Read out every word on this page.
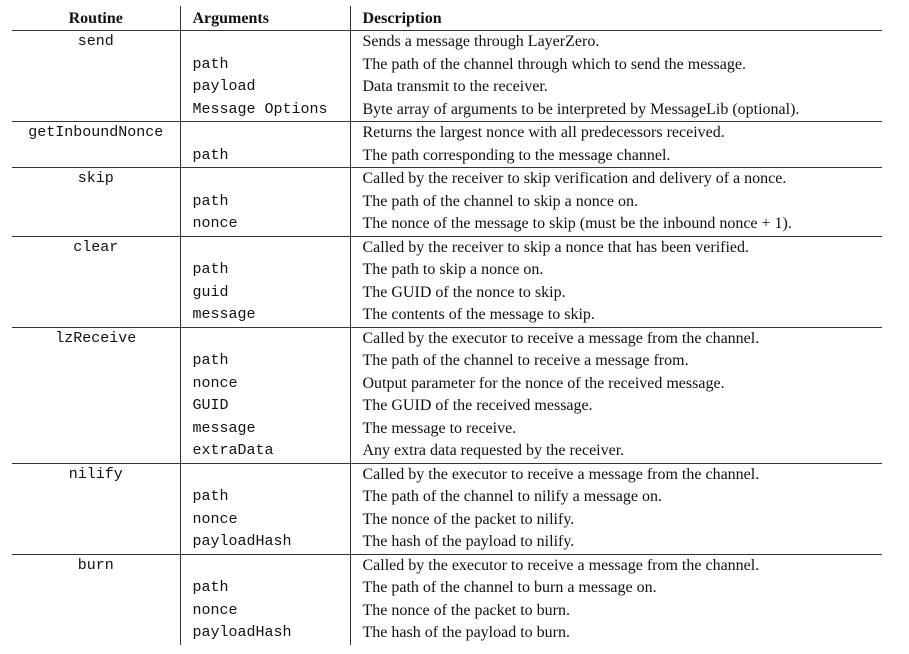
Routine	Arguments	Description
send		Sends a message through LayerZero.
	path	The path of the channel through which to send the message.
	payload	Data transmit to the receiver.
	Message Options	Byte array of arguments to be interpreted by MessageLib (optional).
getInboundNonce		Returns the largest nonce with all predecessors received.
	path	The path corresponding to the message channel.
skip		Called by the receiver to skip verification and delivery of a nonce.
	path	The path of the channel to skip a nonce on.
	nonce	The nonce of the message to skip (must be the inbound nonce + 1).
clear		Called by the receiver to skip a nonce that has been verified.
	path	The path to skip a nonce on.
	guid	The GUID of the nonce to skip.
	message	The contents of the message to skip.
lzReceive		Called by the executor to receive a message from the channel.
	path	The path of the channel to receive a message from.
	nonce	Output parameter for the nonce of the received message.
	GUID	The GUID of the received message.
	message	The message to receive.
	extraData	Any extra data requested by the receiver.
nilify		Called by the executor to receive a message from the channel.
	path	The path of the channel to nilify a message on.
	nonce	The nonce of the packet to nilify.
	payloadHash	The hash of the payload to nilify.
burn		Called by the executor to receive a message from the channel.
	path	The path of the channel to burn a message on.
	nonce	The nonce of the packet to burn.
	payloadHash	The hash of the payload to burn.
